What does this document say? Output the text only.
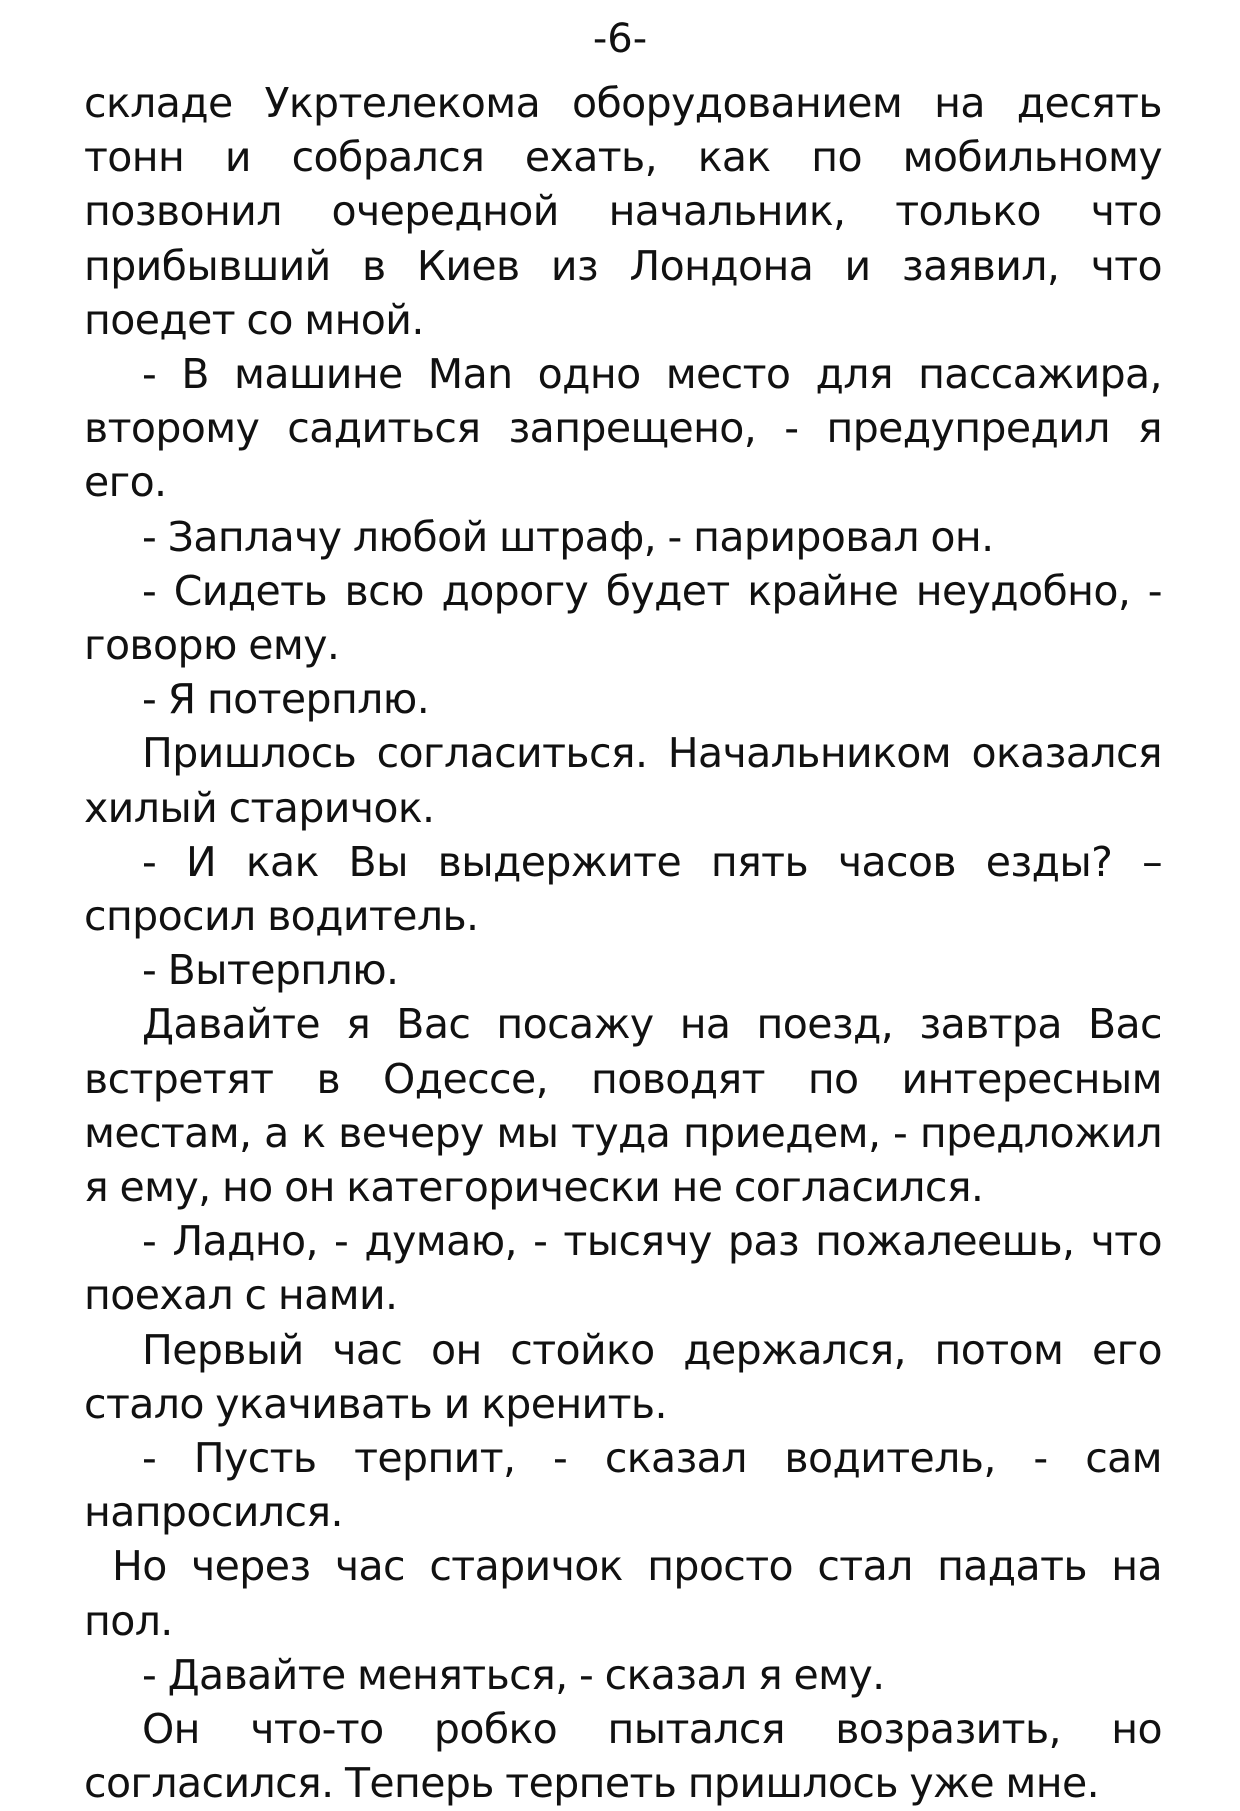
-6-

складе Укртелекома оборудованием на десять тонн и собрался ехать, как по мобильному позвонил очередной начальник, только что прибывший в Киев из Лондона и заявил, что поедет со мной.

- В машине Man одно место для пассажира, второму садиться запрещено, - предупредил я его.

- Заплачу любой штраф, - парировал он.

- Сидеть всю дорогу будет крайне неудобно, - говорю ему.

- Я потерплю.

Пришлось согласиться. Начальником оказался хилый старичок.

- И как Вы выдержите пять часов езды? – спросил водитель.

- Вытерплю.

Давайте я Вас посажу на поезд, завтра Вас встретят в Одессе, поводят по интересным местам, а к вечеру мы туда приедем, - предложил я ему, но он категорически не согласился.

- Ладно, - думаю, - тысячу раз пожалеешь, что поехал с нами.

Первый час он стойко держался, потом его стало укачивать и кренить.

- Пусть терпит, - сказал водитель, - сам напросился.

Но через час старичок просто стал падать на пол.

- Давайте меняться, - сказал я ему.

Он что-то робко пытался возразить, но согласился. Теперь терпеть пришлось уже мне.
